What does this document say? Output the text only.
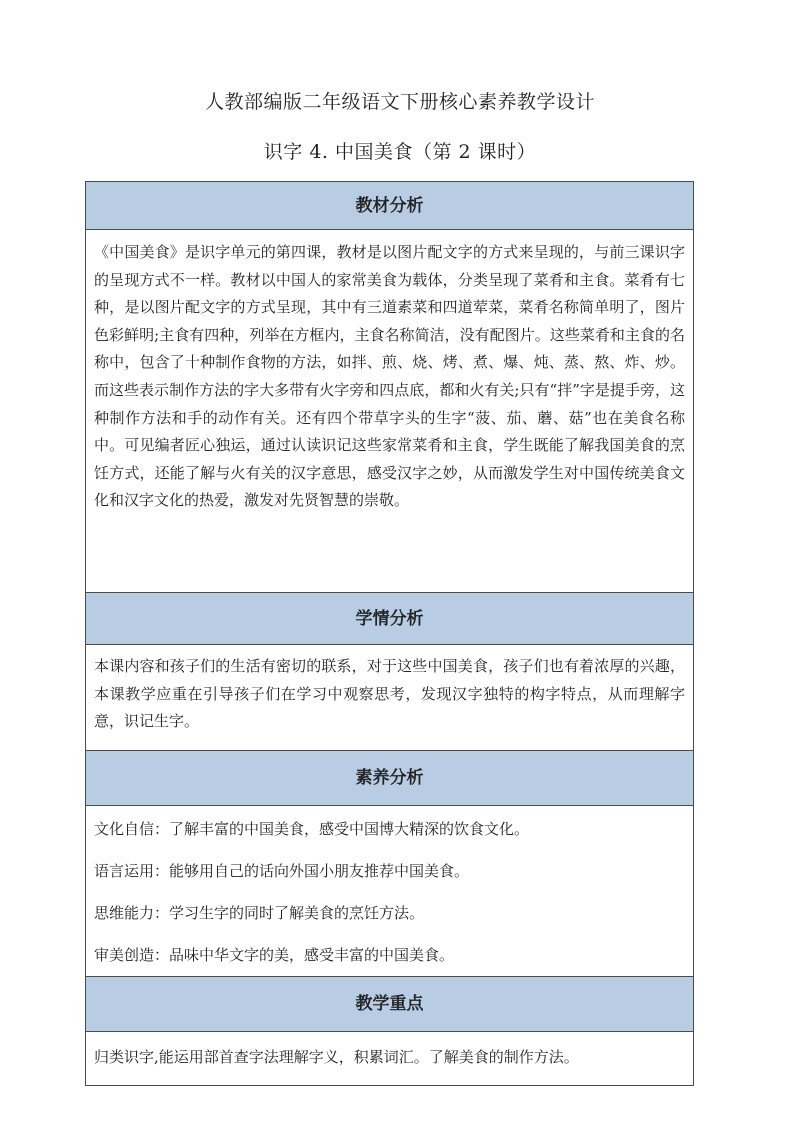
人教部编版二年级语文下册核心素养教学设计
识字 4. 中国美食（第 2 课时）
教材分析
《中国美食》是识字单元的第四课，教材是以图片配文字的方式来呈现的，与前三课识字的呈现方式不一样。教材以中国人的家常美食为载体，分类呈现了菜肴和主食。菜肴有七种，是以图片配文字的方式呈现，其中有三道素菜和四道荤菜，菜肴名称简单明了，图片色彩鲜明;主食有四种，列举在方框内，主食名称简洁，没有配图片。这些菜肴和主食的名称中，包含了十种制作食物的方法，如拌、煎、烧、烤、煮、爆、炖、蒸、熬、炸、炒。而这些表示制作方法的字大多带有火字旁和四点底，都和火有关;只有“拌”字是提手旁，这种制作方法和手的动作有关。还有四个带草字头的生字“菠、茄、蘑、菇”也在美食名称中。可见编者匠心独运，通过认读识记这些家常菜肴和主食，学生既能了解我国美食的烹饪方式，还能了解与火有关的汉字意思，感受汉字之妙，从而激发学生对中国传统美食文化和汉字文化的热爱，激发对先贤智慧的崇敬。
学情分析
本课内容和孩子们的生活有密切的联系，对于这些中国美食，孩子们也有着浓厚的兴趣，本课教学应重在引导孩子们在学习中观察思考，发现汉字独特的构字特点，从而理解字意，识记生字。
素养分析
文化自信：了解丰富的中国美食，感受中国博大精深的饮食文化。
语言运用：能够用自己的话向外国小朋友推荐中国美食。
思维能力：学习生字的同时了解美食的烹饪方法。
审美创造：品味中华文字的美，感受丰富的中国美食。
教学重点
归类识字,能运用部首查字法理解字义，积累词汇。了解美食的制作方法。
